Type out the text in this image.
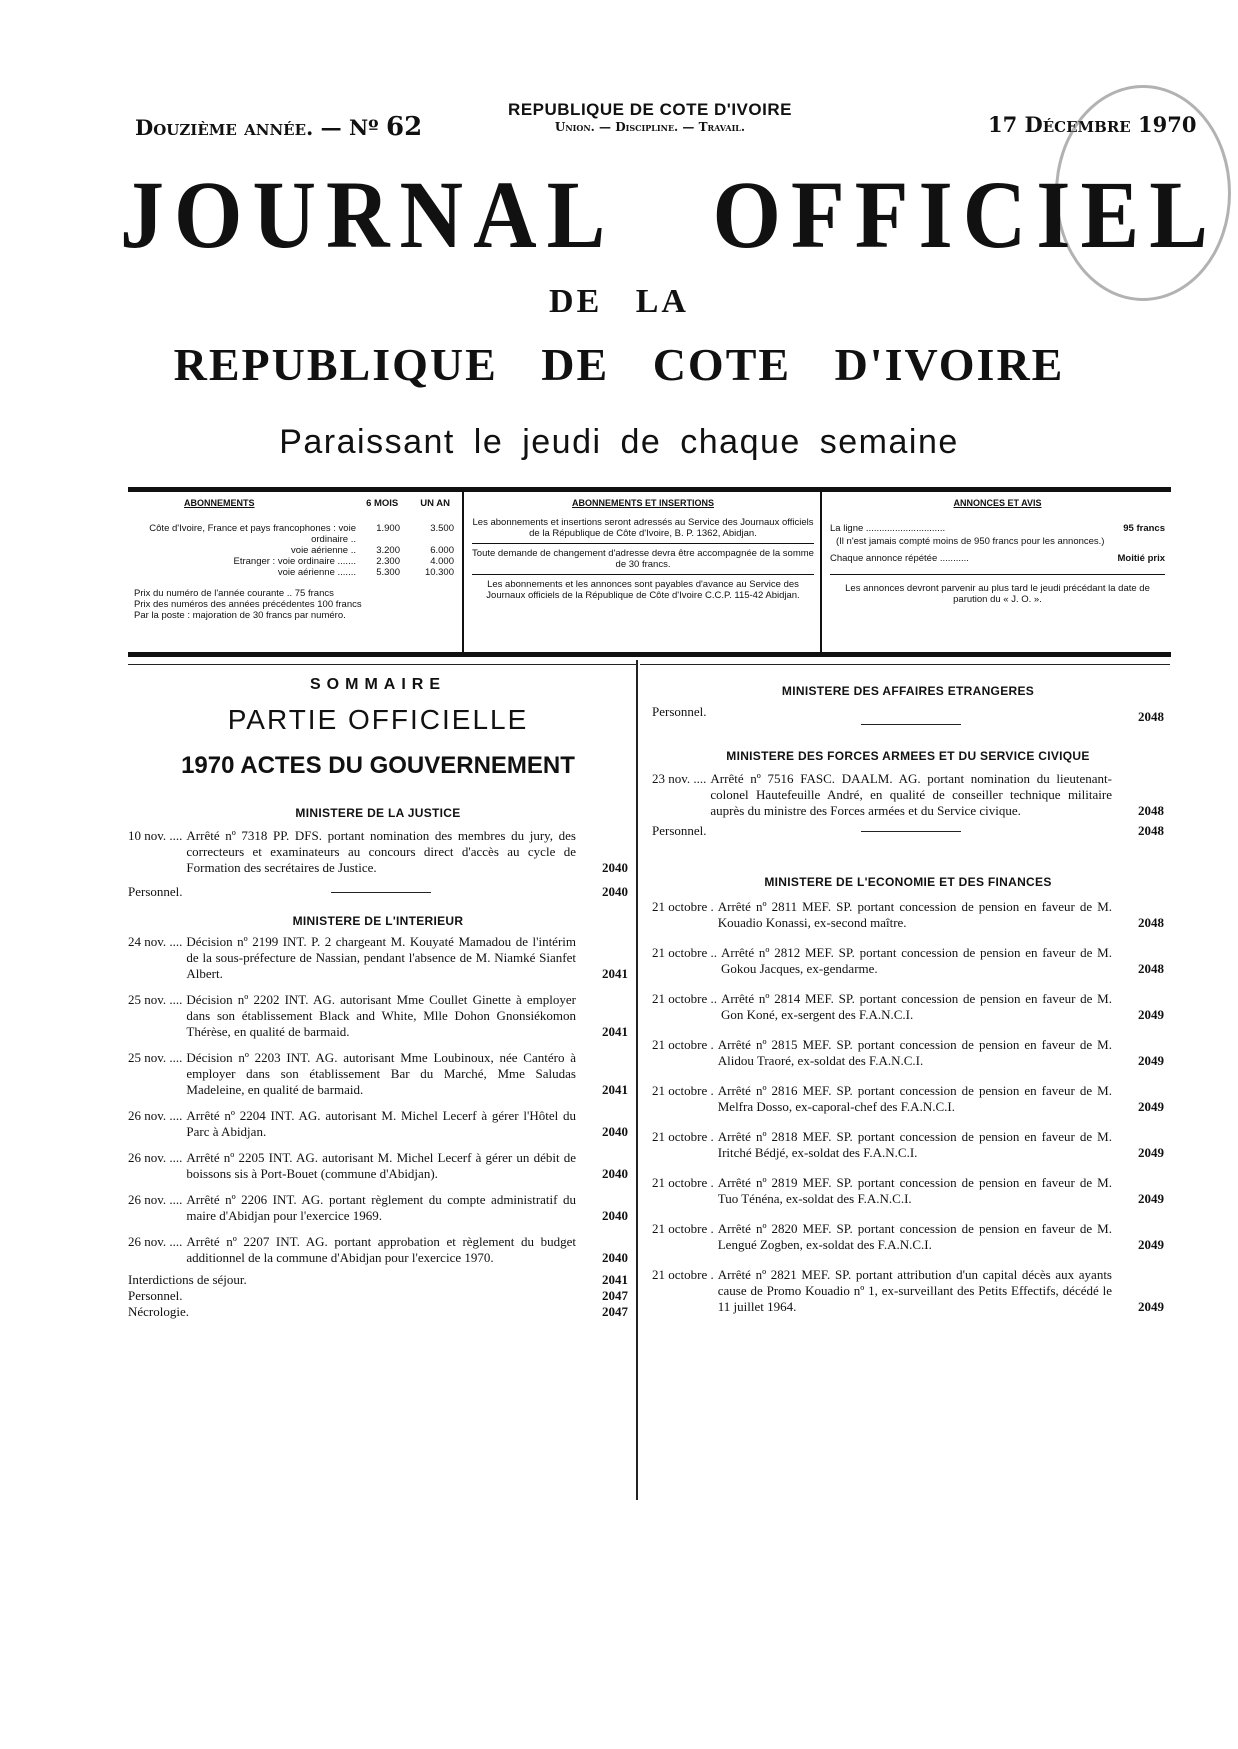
Douzième année. — Nº 62
REPUBLIQUE DE COTE D'IVOIRE
Union. — Discipline. — Travail.	17 Décembre 1970
JOURNAL OFFICIEL
DE LA
REPUBLIQUE DE COTE D'IVOIRE
Paraissant le jeudi de chaque semaine
ABONNEMENTS	6 MOIS UN AN
Côte d'Ivoire, France et pays francophones : voie ordinaire ..	1.900	3.500
voie aérienne ..	3.200	6.000
Etranger : voie ordinaire .......	2.300	4.000
voie aérienne .......	5.300	10.300
Prix du numéro de l'année courante .. 75 francs
Prix des numéros des années précédentes 100 francs
Par la poste : majoration de 30 francs par numéro.
ABONNEMENTS ET INSERTIONS
Les abonnements et insertions seront adressés au Service des Journaux officiels de la République de Côte d'Ivoire, B. P. 1362, Abidjan.
Toute demande de changement d'adresse devra être accompagnée de la somme de 30 francs.
Les abonnements et les annonces sont payables d'avance au Service des Journaux officiels de la République de Côte d'Ivoire C.C.P. 115-42 Abidjan.
ANNONCES ET AVIS
La ligne ..............................	95 francs
(Il n'est jamais compté moins de 950 francs pour les annonces.)
Chaque annonce répétée ...........	Moitié prix
Les annonces devront parvenir au plus tard le jeudi précédant la date de parution du « J. O. ».
SOMMAIRE
PARTIE OFFICIELLE
1970 ACTES DU GOUVERNEMENT
MINISTERE DE LA JUSTICE
10 nov. .... Arrêté nº 7318 PP. DFS. portant nomination des membres du jury, des correcteurs et examinateurs au concours direct d'accès au cycle de Formation des secrétaires de Justice.	2040
Personnel.	2040
MINISTERE DE L'INTERIEUR
24 nov. .... Décision nº 2199 INT. P. 2 chargeant M. Kouyaté Mamadou de l'intérim de la sous-préfecture de Nassian, pendant l'absence de M. Niamké Sianfet Albert.	2041
25 nov. .... Décision nº 2202 INT. AG. autorisant Mme Coullet Ginette à employer dans son établissement Black and White, Mlle Dohon Gnonsiékomon Thérèse, en qualité de barmaid.	2041
25 nov. .... Décision nº 2203 INT. AG. autorisant Mme Loubinoux, née Cantéro à employer dans son établissement Bar du Marché, Mme Saludas Madeleine, en qualité de barmaid.	2041
26 nov. .... Arrêté nº 2204 INT. AG. autorisant M. Michel Lecerf à gérer l'Hôtel du Parc à Abidjan.	2040
26 nov. .... Arrêté nº 2205 INT. AG. autorisant M. Michel Lecerf à gérer un débit de boissons sis à Port-Bouet (commune d'Abidjan).	2040
26 nov. .... Arrêté nº 2206 INT. AG. portant règlement du compte administratif du maire d'Abidjan pour l'exercice 1969.	2040
26 nov. .... Arrêté nº 2207 INT. AG. portant approbation et règlement du budget additionnel de la commune d'Abidjan pour l'exercice 1970.	2040
Interdictions de séjour.	2041
Personnel.	2047
Nécrologie.	2047
MINISTERE DES AFFAIRES ETRANGERES
Personnel.	2048
MINISTERE DES FORCES ARMEES ET DU SERVICE CIVIQUE
23 nov. .... Arrêté nº 7516 FASC. DAALM. AG. portant nomination du lieutenant-colonel Hautefeuille André, en qualité de conseiller technique militaire auprès du ministre des Forces armées et du Service civique.	2048
Personnel.	2048
MINISTERE DE L'ECONOMIE ET DES FINANCES
21 octobre . Arrêté nº 2811 MEF. SP. portant concession de pension en faveur de M. Kouadio Konassi, ex-second maître.	2048
21 octobre .. Arrêté nº 2812 MEF. SP. portant concession de pension en faveur de M. Gokou Jacques, ex-gendarme.	2048
21 octobre .. Arrêté nº 2814 MEF. SP. portant concession de pension en faveur de M. Gon Koné, ex-sergent des F.A.N.C.I.	2049
21 octobre . Arrêté nº 2815 MEF. SP. portant concession de pension en faveur de M. Alidou Traoré, ex-soldat des F.A.N.C.I.	2049
21 octobre . Arrêté nº 2816 MEF. SP. portant concession de pension en faveur de M. Melfra Dosso, ex-caporal-chef des F.A.N.C.I.	2049
21 octobre . Arrêté nº 2818 MEF. SP. portant concession de pension en faveur de M. Iritché Bédjé, ex-soldat des F.A.N.C.I.	2049
21 octobre . Arrêté nº 2819 MEF. SP. portant concession de pension en faveur de M. Tuo Ténéna, ex-soldat des F.A.N.C.I.	2049
21 octobre . Arrêté nº 2820 MEF. SP. portant concession de pension en faveur de M. Lengué Zogben, ex-soldat des F.A.N.C.I.	2049
21 octobre . Arrêté nº 2821 MEF. SP. portant attribution d'un capital décès aux ayants cause de Promo Kouadio nº 1, ex-surveillant des Petits Effectifs, décédé le 11 juillet 1964.	2049
